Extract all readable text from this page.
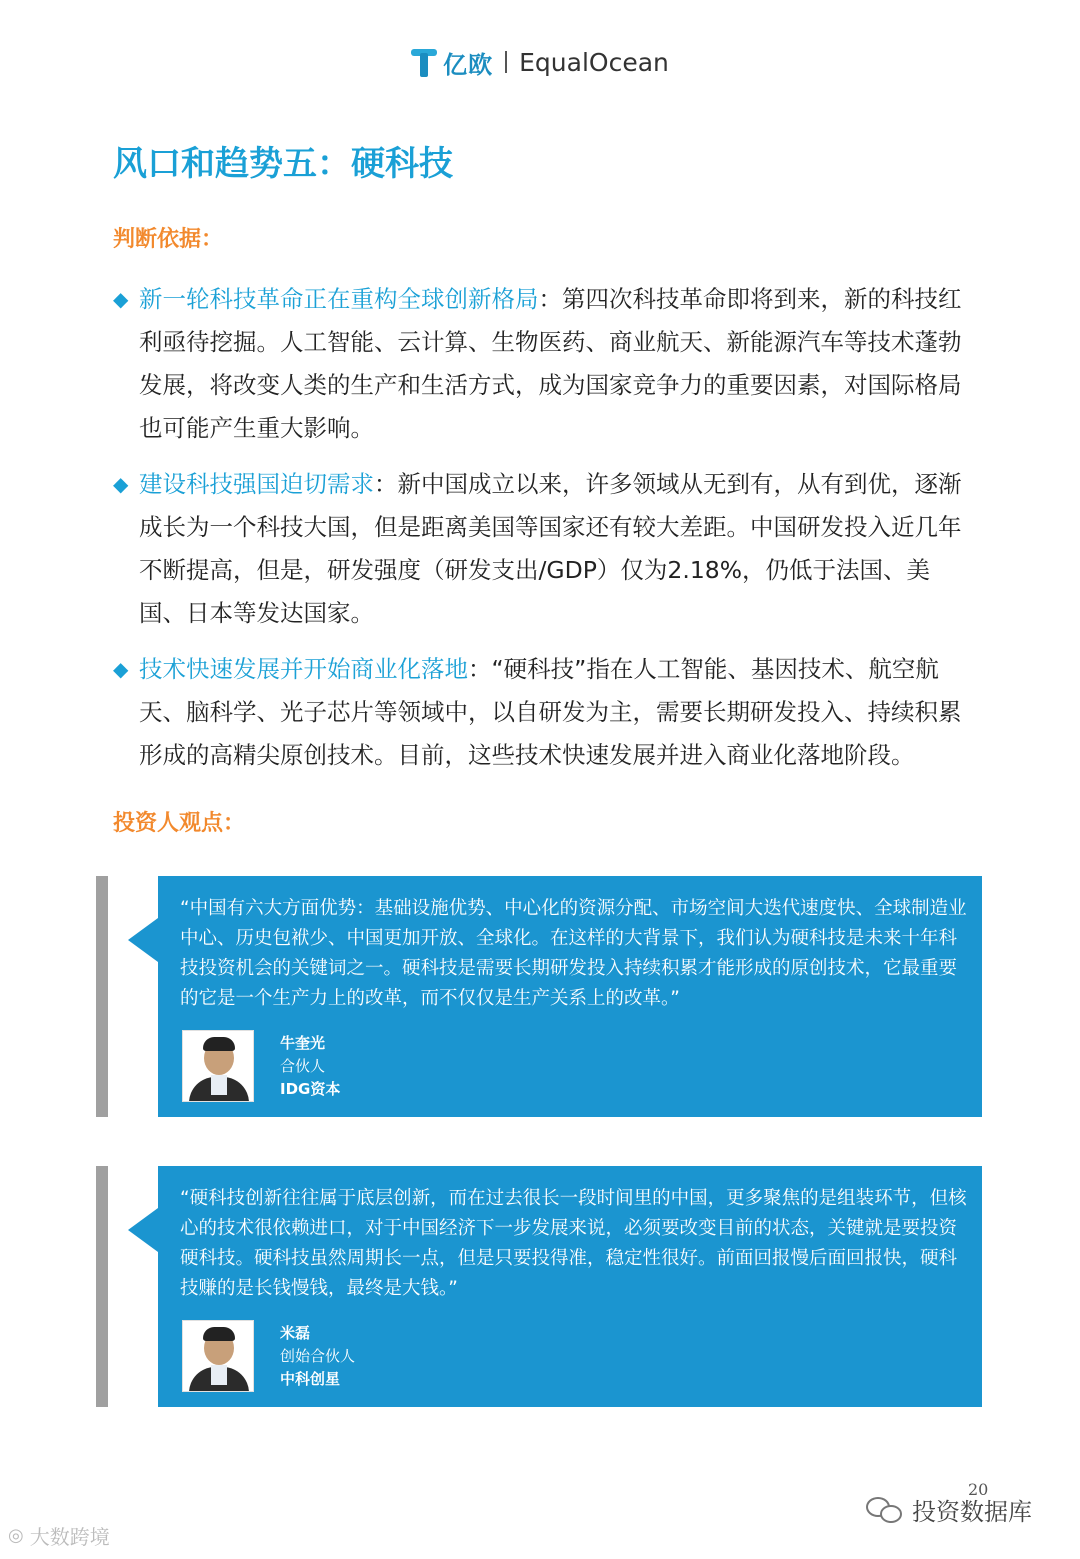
亿欧 EqualOcean
风口和趋势五：硬科技
判断依据：
◆ 新一轮科技革命正在重构全球创新格局：第四次科技革命即将到来，新的科技红利亟待挖掘。人工智能、云计算、生物医药、商业航天、新能源汽车等技术蓬勃发展，将改变人类的生产和生活方式，成为国家竞争力的重要因素，对国际格局也可能产生重大影响。
◆ 建设科技强国迫切需求：新中国成立以来，许多领域从无到有，从有到优，逐渐成长为一个科技大国，但是距离美国等国家还有较大差距。中国研发投入近几年不断提高，但是，研发强度（研发支出/GDP）仅为2.18%，仍低于法国、美国、日本等发达国家。
◆ 技术快速发展并开始商业化落地：“硬科技”指在人工智能、基因技术、航空航天、脑科学、光子芯片等领域中，以自研发为主，需要长期研发投入、持续积累形成的高精尖原创技术。目前，这些技术快速发展并进入商业化落地阶段。
投资人观点：
“中国有六大方面优势：基础设施优势、中心化的资源分配、市场空间大迭代速度快、全球制造业中心、历史包袱少、中国更加开放、全球化。在这样的大背景下，我们认为硬科技是未来十年科技投资机会的关键词之一。硬科技是需要长期研发投入持续积累才能形成的原创技术，它最重要的它是一个生产力上的改革，而不仅仅是生产关系上的改革。”
牛奎光
合伙人
IDG资本
“硬科技创新往往属于底层创新，而在过去很长一段时间里的中国，更多聚焦的是组装环节，但核心的技术很依赖进口，对于中国经济下一步发展来说，必须要改变目前的状态，关键就是要投资硬科技。硬科技虽然周期长一点，但是只要投得准，稳定性很好。前面回报慢后面回报快，硬科技赚的是长钱慢钱，最终是大钱。”
米磊
创始合伙人
中科创星
20
投资数据库
◎ 大数跨境
